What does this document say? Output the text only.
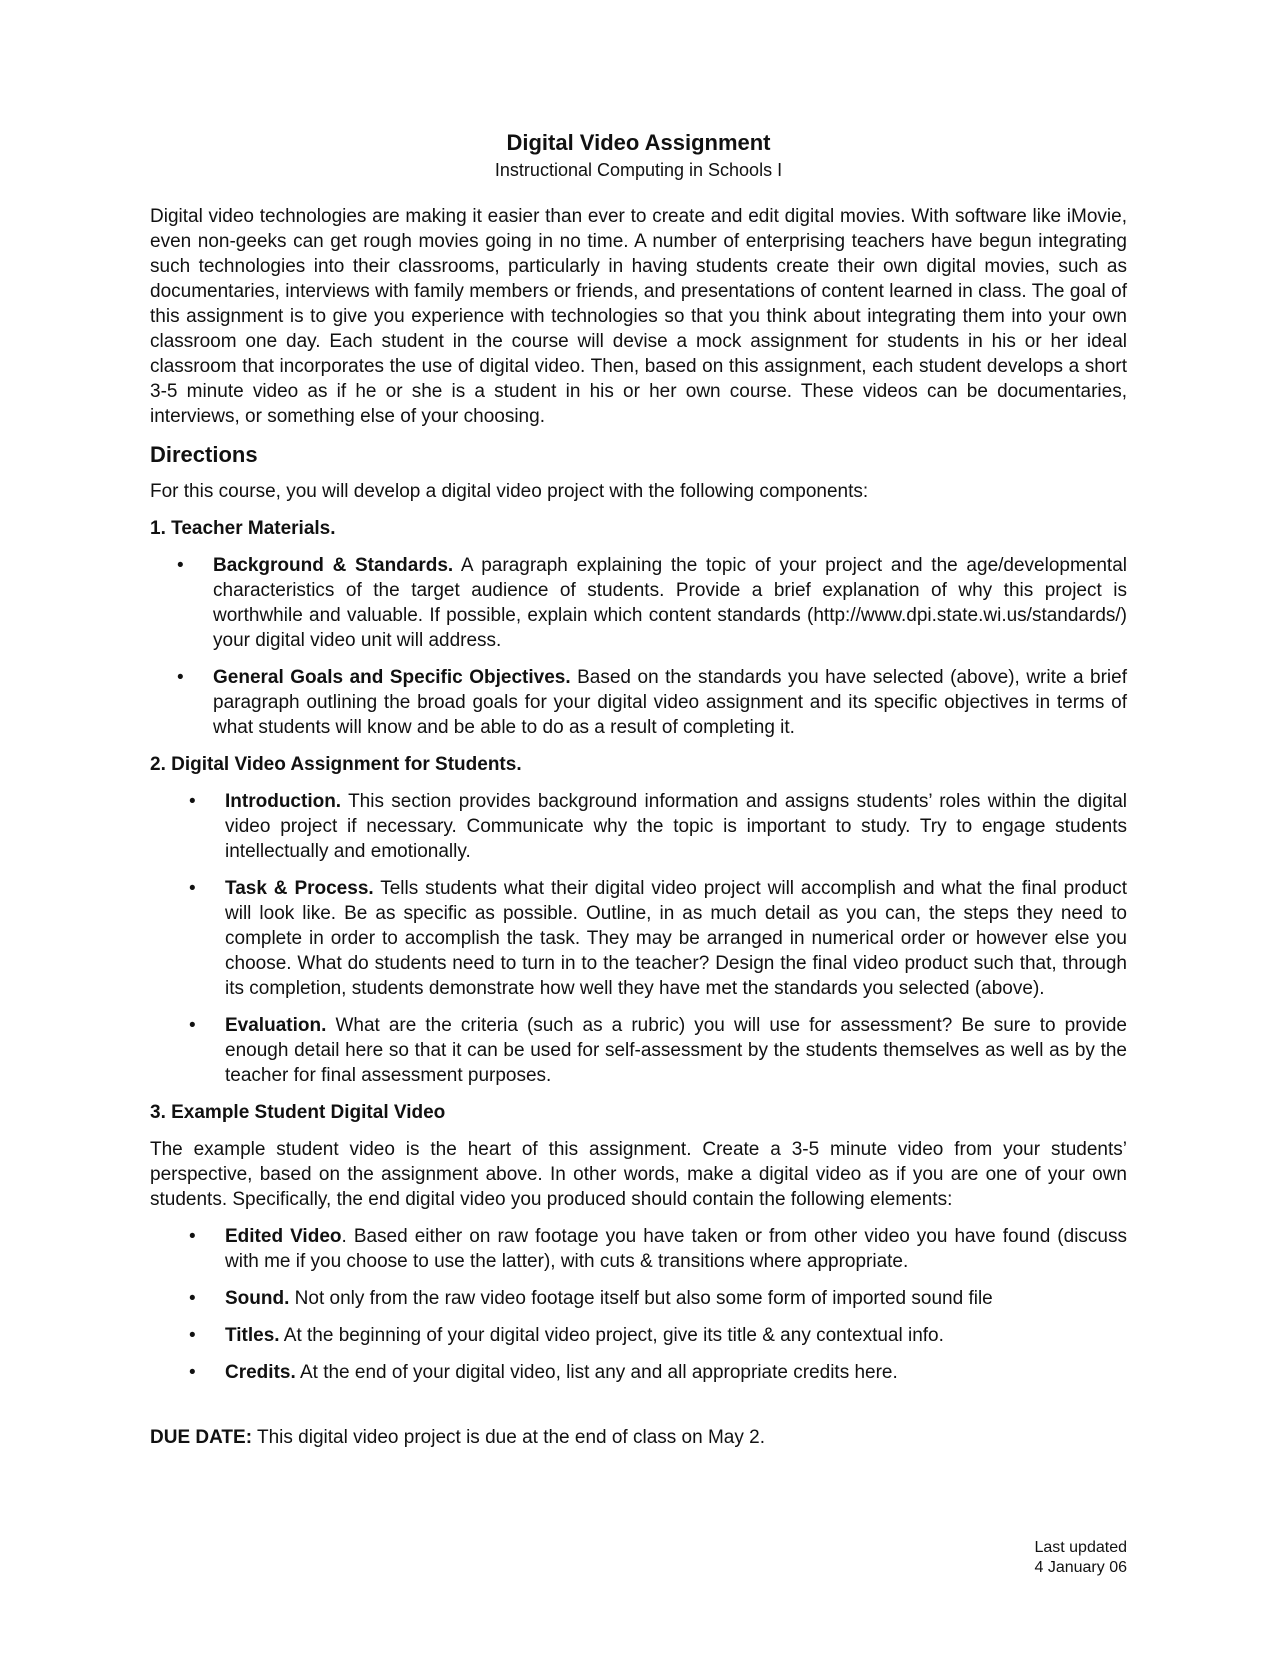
Digital Video Assignment
Instructional Computing in Schools I

Digital video technologies are making it easier than ever to create and edit digital movies. With software like iMovie, even non-geeks can get rough movies going in no time. A number of enterprising teachers have begun integrating such technologies into their classrooms, particularly in having students create their own digital movies, such as documentaries, interviews with family members or friends, and presentations of content learned in class. The goal of this assignment is to give you experience with technologies so that you think about integrating them into your own classroom one day. Each student in the course will devise a mock assignment for students in his or her ideal classroom that incorporates the use of digital video. Then, based on this assignment, each student develops a short 3-5 minute video as if he or she is a student in his or her own course. These videos can be documentaries, interviews, or something else of your choosing.

Directions

For this course, you will develop a digital video project with the following components:

1. Teacher Materials.
• Background & Standards. A paragraph explaining the topic of your project and the age/developmental characteristics of the target audience of students. Provide a brief explanation of why this project is worthwhile and valuable. If possible, explain which content standards (http://www.dpi.state.wi.us/standards/) your digital video unit will address.
• General Goals and Specific Objectives. Based on the standards you have selected (above), write a brief paragraph outlining the broad goals for your digital video assignment and its specific objectives in terms of what students will know and be able to do as a result of completing it.
2. Digital Video Assignment for Students.
• Introduction. This section provides background information and assigns students’ roles within the digital video project if necessary. Communicate why the topic is important to study. Try to engage students intellectually and emotionally.
• Task & Process. Tells students what their digital video project will accomplish and what the final product will look like. Be as specific as possible. Outline, in as much detail as you can, the steps they need to complete in order to accomplish the task. They may be arranged in numerical order or however else you choose. What do students need to turn in to the teacher? Design the final video product such that, through its completion, students demonstrate how well they have met the standards you selected (above).
• Evaluation. What are the criteria (such as a rubric) you will use for assessment? Be sure to provide enough detail here so that it can be used for self-assessment by the students themselves as well as by the teacher for final assessment purposes.
3. Example Student Digital Video

The example student video is the heart of this assignment. Create a 3-5 minute video from your students’ perspective, based on the assignment above. In other words, make a digital video as if you are one of your own students. Specifically, the end digital video you produced should contain the following elements:

• Edited Video. Based either on raw footage you have taken or from other video you have found (discuss with me if you choose to use the latter), with cuts & transitions where appropriate.
• Sound. Not only from the raw video footage itself but also some form of imported sound file
• Titles. At the beginning of your digital video project, give its title & any contextual info.
• Credits. At the end of your digital video, list any and all appropriate credits here.

DUE DATE: This digital video project is due at the end of class on May 2.

Last updated
4 January 06
